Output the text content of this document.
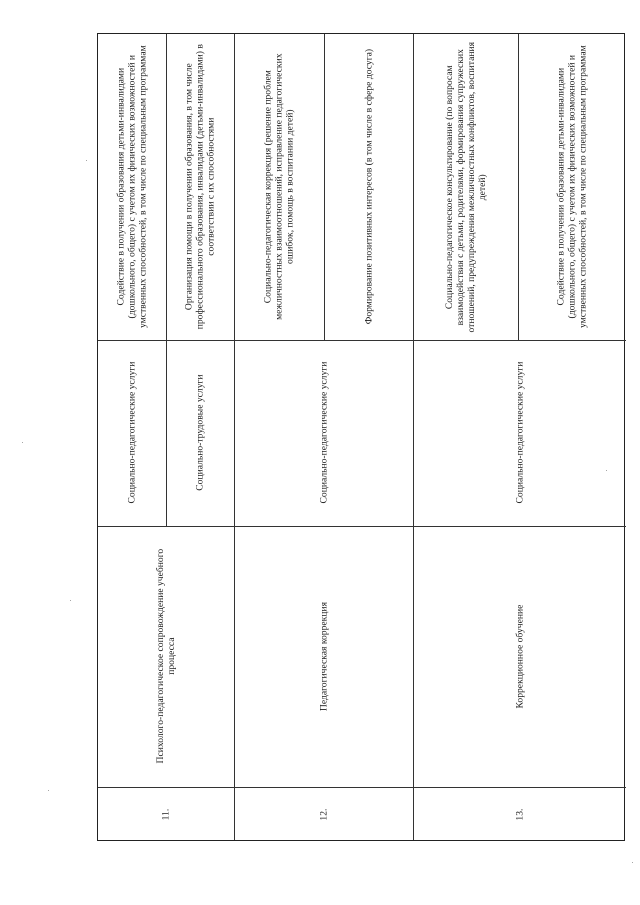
11.
Психолого-педагогическое сопровождение учебного процесса
Социально-педагогические услуги	Социально-трудовые услуги
Содействие в получении образования детьми-инвалидами (дошкольного, общего) с учетом их физических возможностей и умственных способностей, в том числе по специальным программам	Организация помощи в получении образования, в том числе профессионального образования, инвалидами (детьми-инвалидами) в соответствии с их способностями
12.
Педагогическая коррекция
Социально-педагогические услуги
Социально-педагогическая коррекция (решение проблем межличностных взаимоотношений, исправление педагогических ошибок, помощь в воспитании детей)	Формирование позитивных интересов (в том числе в сфере досуга)
13.
Коррекционное обучение
Социально-педагогические услуги
Социально-педагогическое консультирование (по вопросам взаимодействия с детьми, родителями, формирования супружеских отношений, предупреждения межличностных конфликтов, воспитания детей)	Содействие в получении образования детьми-инвалидами (дошкольного, общего) с учетом их физических возможностей и умственных способностей, в том числе по специальным программам
